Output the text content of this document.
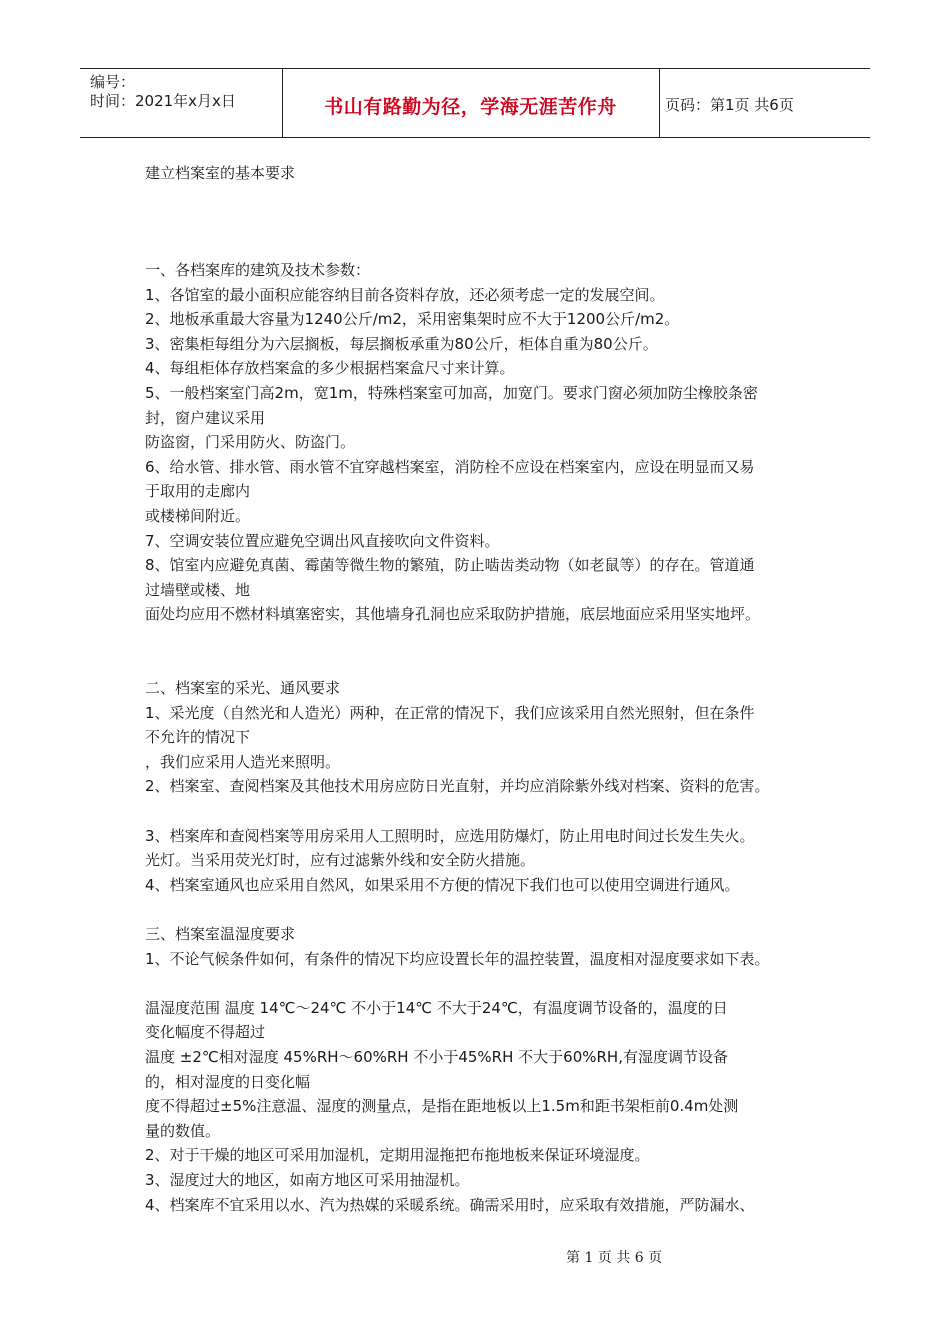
编号：
时间：2021年x月x日	书山有路勤为径，学海无涯苦作舟	页码：第1页 共6页
建立档案室的基本要求
一、各档案库的建筑及技术参数：
1、各馆室的最小面积应能容纳目前各资料存放，还必须考虑一定的发展空间。
2、地板承重最大容量为1240公斤/m2，采用密集架时应不大于1200公斤/m2。
3、密集柜每组分为六层搁板，每层搁板承重为80公斤，柜体自重为80公斤。
4、每组柜体存放档案盒的多少根据档案盒尺寸来计算。
5、一般档案室门高2m，宽1m，特殊档案室可加高，加宽门。要求门窗必须加防尘橡胶条密
封，窗户建议采用
防盗窗，门采用防火、防盗门。
6、给水管、排水管、雨水管不宜穿越档案室，消防栓不应设在档案室内，应设在明显而又易
于取用的走廊内
或楼梯间附近。
7、空调安装位置应避免空调出风直接吹向文件资料。
8、馆室内应避免真菌、霉菌等微生物的繁殖，防止啮齿类动物（如老鼠等）的存在。管道通
过墙壁或楼、地
面处均应用不燃材料填塞密实，其他墙身孔洞也应采取防护措施，底层地面应采用坚实地坪。
二、档案室的采光、通风要求
1、采光度（自然光和人造光）两种，在正常的情况下，我们应该采用自然光照射，但在条件
不允许的情况下
，我们应采用人造光来照明。
2、档案室、查阅档案及其他技术用房应防日光直射，并均应消除紫外线对档案、资料的危害。
3、档案库和查阅档案等用房采用人工照明时，应选用防爆灯，防止用电时间过长发生失火。
光灯。当采用荧光灯时，应有过滤紫外线和安全防火措施。
4、档案室通风也应采用自然风，如果采用不方便的情况下我们也可以使用空调进行通风。
三、档案室温湿度要求
1、不论气候条件如何，有条件的情况下均应设置长年的温控装置，温度相对湿度要求如下表。
温湿度范围 温度 14℃～24℃ 不小于14℃ 不大于24℃，有温度调节设备的，温度的日
变化幅度不得超过
温度 ±2℃相对湿度 45%RH～60%RH 不小于45%RH 不大于60%RH,有湿度调节设备
的，相对湿度的日变化幅
度不得超过±5%注意温、湿度的测量点，是指在距地板以上1.5m和距书架柜前0.4m处测
量的数值。
2、对于干燥的地区可采用加湿机，定期用湿拖把布拖地板来保证环境湿度。
3、湿度过大的地区，如南方地区可采用抽湿机。
4、档案库不宜采用以水、汽为热媒的采暖系统。确需采用时，应采取有效措施，严防漏水、
第 1 页 共 6 页
